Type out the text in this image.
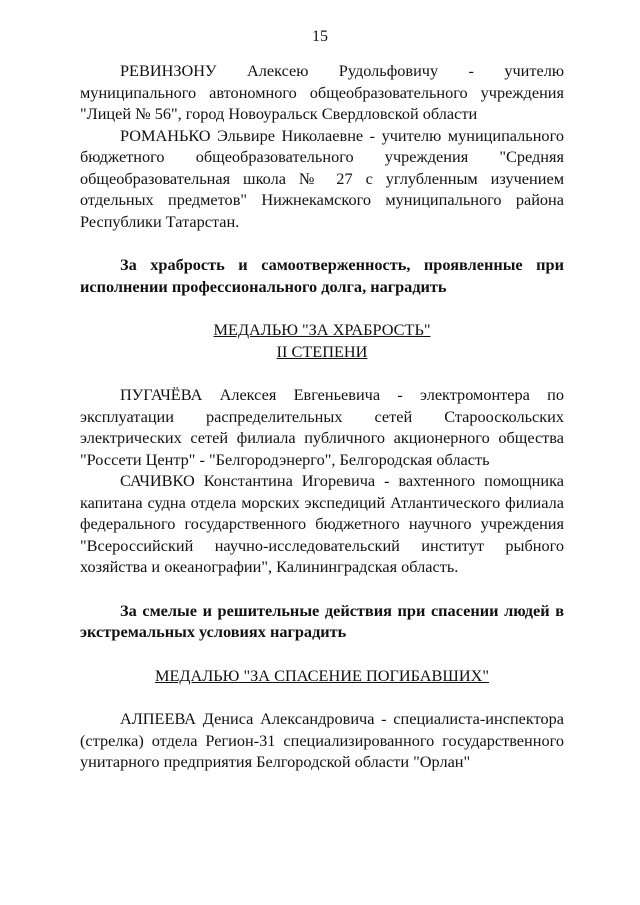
15

РЕВИНЗОНУ Алексею Рудольфовичу - учителю муниципального автономного общеобразовательного учреждения "Лицей № 56", город Новоуральск Свердловской области

РОМАНЬКО Эльвире Николаевне - учителю муниципального бюджетного общеобразовательного учреждения "Средняя общеобразовательная школа № 27 с углубленным изучением отдельных предметов" Нижнекамского муниципального района Республики Татарстан.

За храбрость и самоотверженность, проявленные при исполнении профессионального долга, наградить

МЕДАЛЬЮ "ЗА ХРАБРОСТЬ"

II СТЕПЕНИ

ПУГАЧЁВА Алексея Евгеньевича - электромонтера по эксплуатации распределительных сетей Старооскольских электрических сетей филиала публичного акционерного общества "Россети Центр" - "Белгородэнерго", Белгородская область

САЧИВКО Константина Игоревича - вахтенного помощника капитана судна отдела морских экспедиций Атлантического филиала федерального государственного бюджетного научного учреждения "Всероссийский научно-исследовательский институт рыбного хозяйства и океанографии", Калининградская область.

За смелые и решительные действия при спасении людей в экстремальных условиях наградить

МЕДАЛЬЮ "ЗА СПАСЕНИЕ ПОГИБАВШИХ"

АЛПЕЕВА Дениса Александровича - специалиста-инспектора (стрелка) отдела Регион-31 специализированного государственного унитарного предприятия Белгородской области "Орлан"
